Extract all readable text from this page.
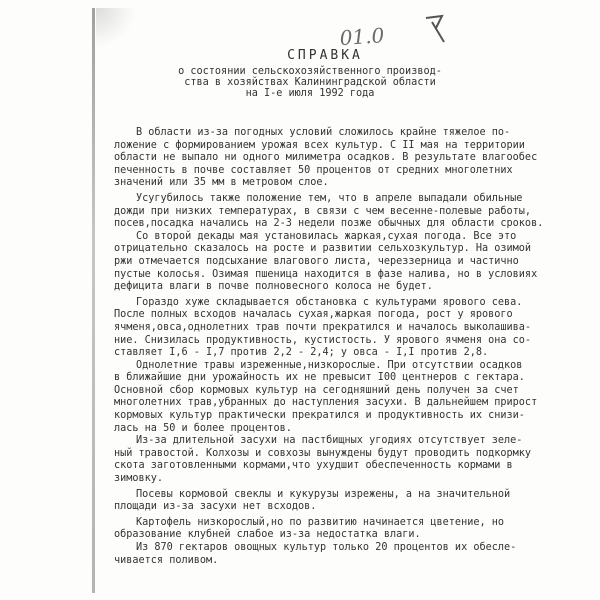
01.0
СПРАВКА
о состоянии сельскохозяйственного производ-
ства в хозяйствах Калининградской области
на I-е июля 1992 года
В области из-за погодных условий сложилось крайне тяжелое по-
ложение с формированием урожая всех культур. С II мая на территории
области не выпало ни одного милиметра осадков. В результате влагообес
печенность в почве составляет 50 процентов от средних многолетних
значений или 35 мм в метровом слое.
Усугубилось также положение тем, что в апреле выпадали обильные
дожди при низких температурах, в связи с чем весенне-полевые работы,
посев,посадка начались на 2-3 недели позже обычных для области сроков.
Со второй декады мая установилась жаркая,сухая погода. Все это
отрицательно сказалось на росте и развитии сельхозкультур. На озимой
ржи отмечается подсыхание влагового листа, череззерница и частично
пустые колосья. Озимая пшеница находится в фазе налива, но в условиях
дефицита влаги в почве полновесного колоса не будет.
Гораздо хуже складывается обстановка с культурами ярового сева.
После полных всходов началась сухая,жаркая погода, рост у ярового
ячменя,овса,однолетних трав почти прекратился и началось выколашива-
ние. Снизилась продуктивность, кустистость. У ярового ячменя она со-
ставляет I,6 - I,7 против 2,2 - 2,4; у овса - I,I против 2,8.
Однолетние травы изреженные,низкорослые. При отсутствии осадков
в ближайшие дни урожайность их не превысит I00 центнеров с гектара.
Основной сбор кормовых культур на сегодняшний день получен за счет
многолетних трав,убранных до наступления засухи. В дальнейшем прирост
кормовых культур практически прекратился и продуктивность их снизи-
лась на 50 и более процентов.
Из-за длительной засухи на пастбищных угодиях отсутствует зеле-
ный травостой. Колхозы и совхозы вынуждены будут проводить подкормку
скота заготовленными кормами,что ухудшит обеспеченность кормами в
зимовку.
Посевы кормовой свеклы и кукурузы изрежены, а на значительной
площади из-за засухи нет всходов.
Картофель низкорослый,но по развитию начинается цветение, но
образование клубней слабое из-за недостатка влаги.
Из 870 гектаров овощных культур только 20 процентов их обесле-
чивается поливом.
